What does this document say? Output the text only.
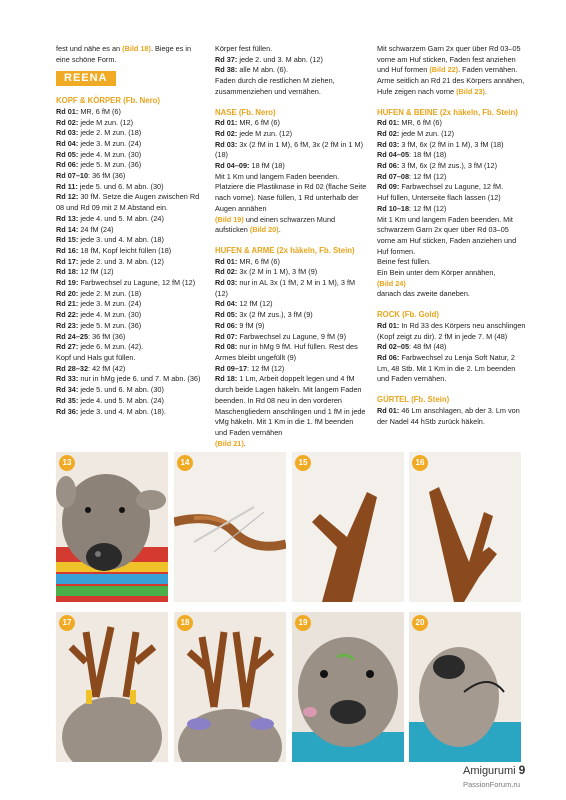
fest und nähe es an (Bild 18). Biege es in eine schöne Form.

REENA
KOPF & KÖRPER (Fb. Nero)
Rd 01: MR, 6 fM (6)
Rd 02: jede M zun. (12)
Rd 03: jede 2. M zun. (18)
Rd 04: jede 3. M zun. (24)
Rd 05: jede 4. M zun. (30)
Rd 06: jede 5. M zun. (36)
Rd 07–10: 36 fM (36)
Rd 11: jede 5. und 6. M abn. (30)
Rd 12: 30 fM. Setze die Augen zwischen Rd 08 und Rd 09 mit 2 M Abstand ein.
Rd 13: jede 4. und 5. M abn. (24)
Rd 14: 24 fM (24)
Rd 15: jede 3. und 4. M abn. (18)
Rd 16: 18 fM, Kopf leicht füllen (18)
Rd 17: jede 2. und 3. M abn. (12)
Rd 18: 12 fM (12)
Rd 19: Farbwechsel zu Lagune, 12 fM (12)
Rd 20: jede 2. M zun. (18)
Rd 21: jede 3. M zun. (24)
Rd 22: jede 4. M zun. (30)
Rd 23: jede 5. M zun. (36)
Rd 24–25: 36 fM (36)
Rd 27: jede 6. M zun. (42).
Kopf und Hals gut füllen.
Rd 28–32: 42 fM (42)
Rd 33: nur in hMg jede 6. und 7. M abn. (36)
Rd 34: jede 5. und 6. M abn. (30)
Rd 35: jede 4. und 5. M abn. (24)
Rd 36: jede 3. und 4. M abn. (18).
Körper fest füllen.
Rd 37: jede 2. und 3. M abn. (12)
Rd 38: alle M abn. (6).
Faden durch die restlichen M ziehen, zusammenziehen und vernähen.
NASE (Fb. Nero)
Rd 01: MR, 6 fM (6)
Rd 02: jede M zun. (12)
Rd 03: 3x (2 fM in 1 M), 6 fM, 3x (2 fM in 1 M) (18)
Rd 04–09: 18 fM (18)
Mit 1 Km und langem Faden beenden. Platziere die Plastiknase in Rd 02 (flache Seite nach vorne). Nase füllen, 1 Rd unterhalb der Augen annähen

(Bild 19) und einen schwarzen Mund aufsticken (Bild 20).

HUFEN & ARME (2x häkeln, Fb. Stein)
Rd 01: MR, 6 fM (6)
Rd 02: 3x (2 M in 1 M), 3 fM (9)
Rd 03: nur in AL 3x (1 fM, 2 M in 1 M), 3 fM (12)
Rd 04: 12 fM (12)
Rd 05: 3x (2 fM zus.), 3 fM (9)
Rd 06: 9 fM (9)
Rd 07: Farbwechsel zu Lagune, 9 fM (9)
Rd 08: nur in hMg 9 fM. Huf füllen. Rest des Armes bleibt ungefüllt (9)
Rd 09–17: 12 fM (12)
Rd 18: 1 Lm, Arbeit doppelt legen und 4 fM durch beide Lagen häkeln. Mit langem Faden beenden. In Rd 08 neu in den vorderen Maschengliedern anschlingen und 1 fM in jede vMg häkeln. Mit 1 Km in die 1. fM beenden und Faden vernähen

(Bild 21).

Mit schwarzem Garn 2x quer über Rd 03–05 vorne am Huf sticken, Faden fest anziehen und Huf formen (Bild 22). Faden vernähen. Arme seitlich an Rd 21 des Körpers annähen, Hufe zeigen nach vorne (Bild 23).

HUFEN & BEINE (2x häkeln, Fb. Stein)
Rd 01: MR, 6 fM (6)
Rd 02: jede M zun. (12)
Rd 03: 3 fM, 6x (2 fM in 1 M), 3 fM (18)
Rd 04–05: 18 fM (18)
Rd 06: 3 fM, 6x (2 fM zus.), 3 fM (12)
Rd 07–08: 12 fM (12)
Rd 09: Farbwechsel zu Lagune, 12 fM.
Huf füllen, Unterseite flach lassen (12)
Rd 10–18: 12 fM (12)
Mit 1 Km und langem Faden beenden. Mit schwarzem Garn 2x quer über Rd 03–05 vorne am Huf sticken, Faden anziehen und Huf formen.
Beine fest füllen.
Ein Bein unter dem Körper annähen,

(Bild 24)

danach das zweite daneben.

ROCK (Fb. Gold)
Rd 01: In Rd 33 des Körpers neu anschlingen (Kopf zeigt zu dir). 2 fM in jede 7. M (48)
Rd 02–05: 48 fM (48)
Rd 06: Farbwechsel zu Lenja Soft Natur, 2 Lm, 48 Stb. Mit 1 Km in die 2. Lm beenden und Faden vernähen.
GÜRTEL (Fb. Stein)
Rd 01: 46 Lm anschlagen, ab der 3. Lm von der Nadel 44 hStb zurück häkeln.
13	14	15	16
17	18	19	20
Amigurumi 9
PassionForum.ru
